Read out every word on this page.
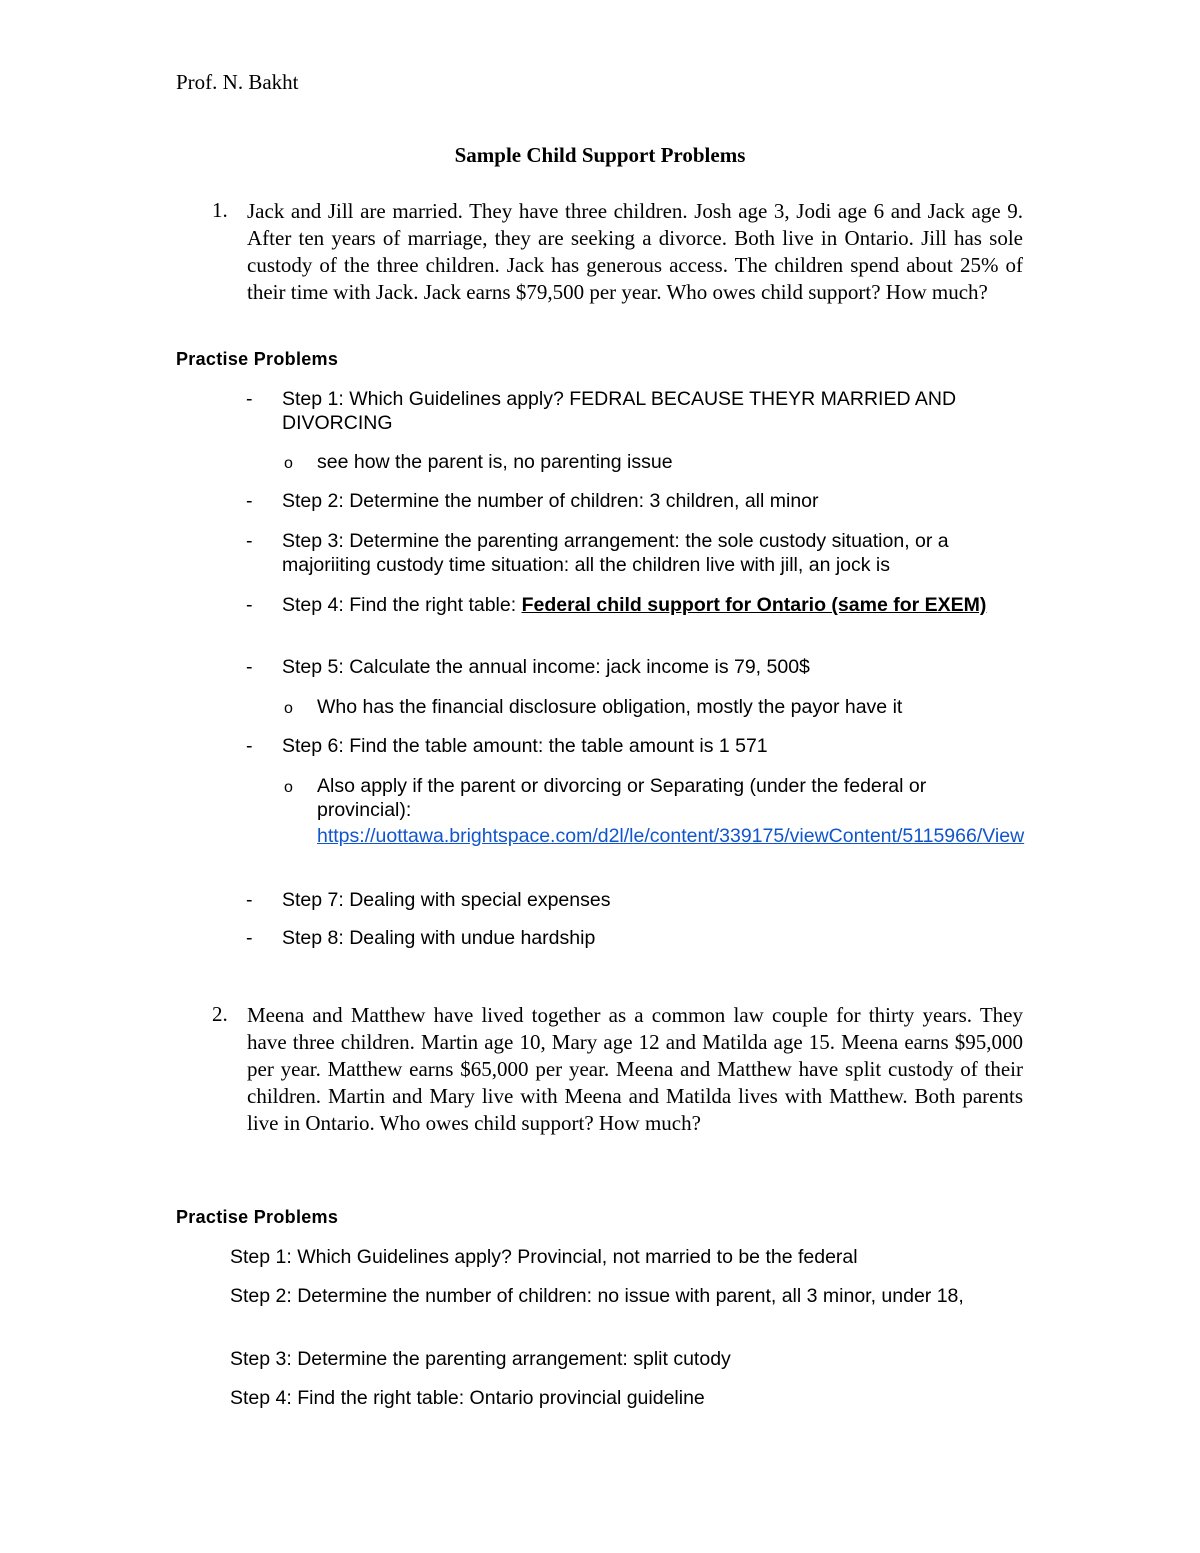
Prof. N. Bakht
Sample Child Support Problems
1. Jack and Jill are married. They have three children. Josh age 3, Jodi age 6 and Jack age 9. After ten years of marriage, they are seeking a divorce. Both live in Ontario. Jill has sole custody of the three children. Jack has generous access. The children spend about 25% of their time with Jack. Jack earns $79,500 per year. Who owes child support? How much?
Practise Problems
- Step 1: Which Guidelines apply? FEDRAL BECAUSE THEYR MARRIED AND DIVORCING
o see how the parent is, no parenting issue
- Step 2: Determine the number of children: 3 children, all minor
- Step 3: Determine the parenting arrangement: the sole custody situation, or a majoriiting custody time situation: all the children live with jill, an jock is
- Step 4: Find the right table: Federal child support for Ontario (same for EXEM)
- Step 5: Calculate the annual income: jack income is 79, 500$
o Who has the financial disclosure obligation, mostly the payor have it
- Step 6: Find the table amount: the table amount is 1 571
o Also apply if the parent or divorcing or Separating (under the federal or provincial):
https://uottawa.brightspace.com/d2l/le/content/339175/viewContent/5115966/View
- Step 7: Dealing with special expenses
- Step 8: Dealing with undue hardship
2. Meena and Matthew have lived together as a common law couple for thirty years. They have three children. Martin age 10, Mary age 12 and Matilda age 15. Meena earns $95,000 per year. Matthew earns $65,000 per year. Meena and Matthew have split custody of their children. Martin and Mary live with Meena and Matilda lives with Matthew. Both parents live in Ontario. Who owes child support? How much?
Practise Problems
Step 1: Which Guidelines apply? Provincial, not married to be the federal
Step 2: Determine the number of children: no issue with parent, all 3 minor, under 18,
Step 3: Determine the parenting arrangement: split cutody
Step 4: Find the right table: Ontario provincial guideline
